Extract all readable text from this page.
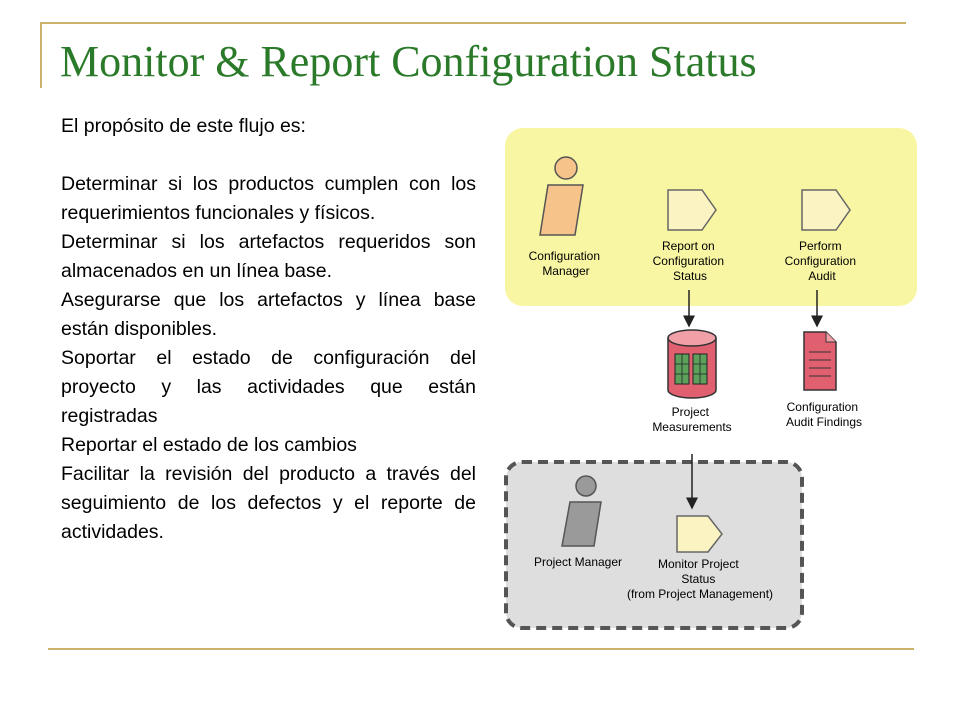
Monitor & Report Configuration Status

El propósito de este flujo es:

Determinar si los productos cumplen con los requerimientos funcionales y físicos.

Determinar si los artefactos requeridos son almacenados en un línea base.

Asegurarse que los artefactos y línea base están disponibles.

Soportar el estado de configuración del proyecto y las actividades que están registradas

Reportar el estado de los cambios

Facilitar la revisión del producto a través del seguimiento de los defectos y el reporte de actividades.

Configuration Manager
Report on Configuration Status
Perform Configuration Audit
Project Measurements
Configuration Audit Findings
Project Manager	Monitor Project Status (from Project Management)
